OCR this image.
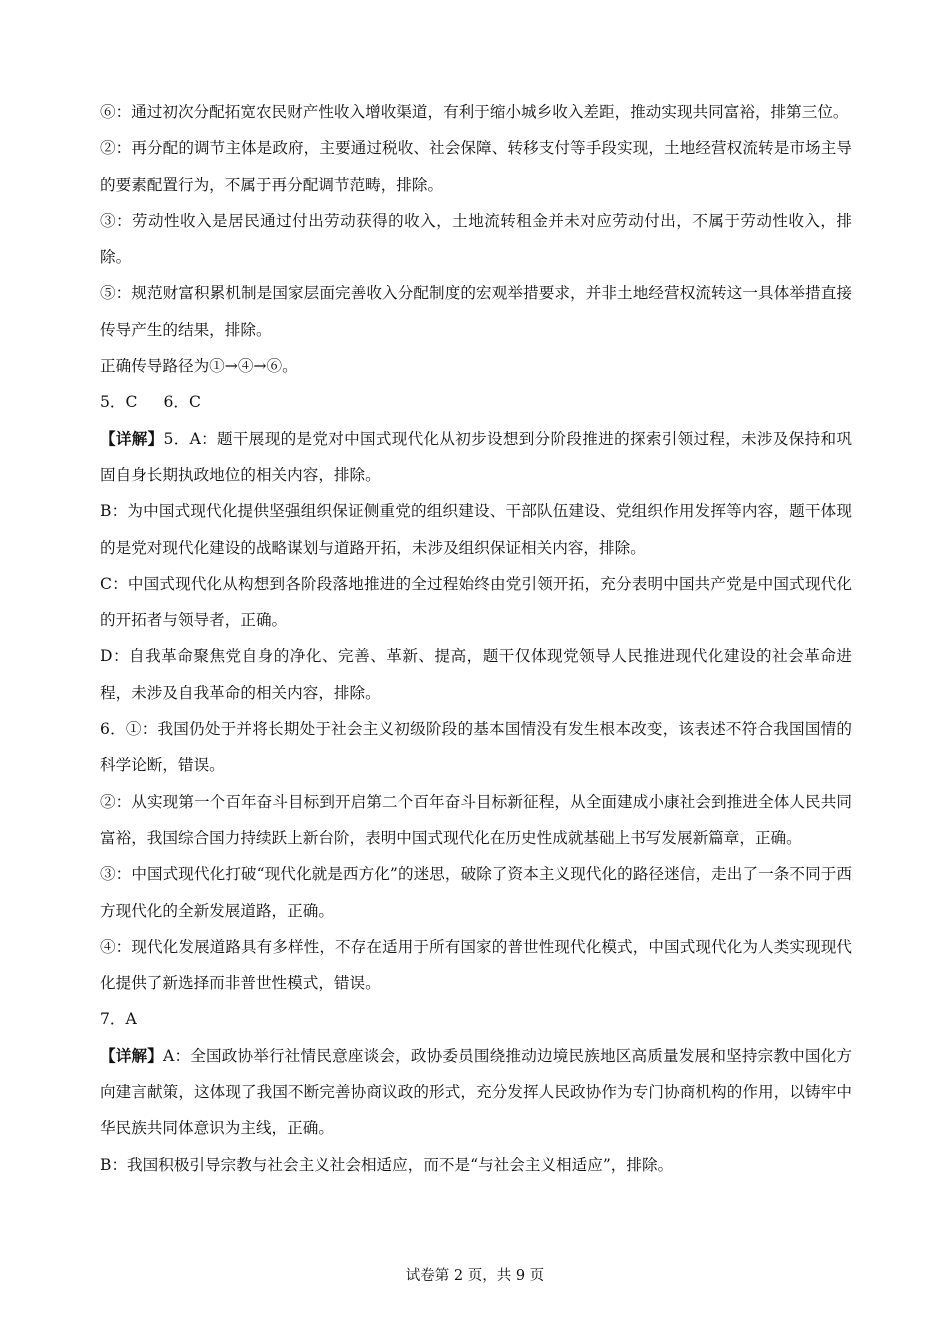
⑥：通过初次分配拓宽农民财产性收入增收渠道，有利于缩小城乡收入差距，推动实现共同富裕，排第三位。

②：再分配的调节主体是政府，主要通过税收、社会保障、转移支付等手段实现，土地经营权流转是市场主导的要素配置行为，不属于再分配调节范畴，排除。

③：劳动性收入是居民通过付出劳动获得的收入，土地流转租金并未对应劳动付出，不属于劳动性收入，排除。

⑤：规范财富积累机制是国家层面完善收入分配制度的宏观举措要求，并非土地经营权流转这一具体举措直接传导产生的结果，排除。

正确传导路径为①→④→⑥。

5．C 6．C

【详解】5．A：题干展现的是党对中国式现代化从初步设想到分阶段推进的探索引领过程，未涉及保持和巩固自身长期执政地位的相关内容，排除。

B：为中国式现代化提供坚强组织保证侧重党的组织建设、干部队伍建设、党组织作用发挥等内容，题干体现的是党对现代化建设的战略谋划与道路开拓，未涉及组织保证相关内容，排除。

C：中国式现代化从构想到各阶段落地推进的全过程始终由党引领开拓，充分表明中国共产党是中国式现代化的开拓者与领导者，正确。

D：自我革命聚焦党自身的净化、完善、革新、提高，题干仅体现党领导人民推进现代化建设的社会革命进程，未涉及自我革命的相关内容，排除。

6．①：我国仍处于并将长期处于社会主义初级阶段的基本国情没有发生根本改变，该表述不符合我国国情的科学论断，错误。

②：从实现第一个百年奋斗目标到开启第二个百年奋斗目标新征程，从全面建成小康社会到推进全体人民共同富裕，我国综合国力持续跃上新台阶，表明中国式现代化在历史性成就基础上书写发展新篇章，正确。

③：中国式现代化打破“现代化就是西方化”的迷思，破除了资本主义现代化的路径迷信，走出了一条不同于西方现代化的全新发展道路，正确。

④：现代化发展道路具有多样性，不存在适用于所有国家的普世性现代化模式，中国式现代化为人类实现现代化提供了新选择而非普世性模式，错误。

7．A

【详解】A：全国政协举行社情民意座谈会，政协委员围绕推动边境民族地区高质量发展和坚持宗教中国化方向建言献策，这体现了我国不断完善协商议政的形式，充分发挥人民政协作为专门协商机构的作用，以铸牢中华民族共同体意识为主线，正确。

B：我国积极引导宗教与社会主义社会相适应，而不是“与社会主义相适应”，排除。

试卷第 2 页，共 9 页
